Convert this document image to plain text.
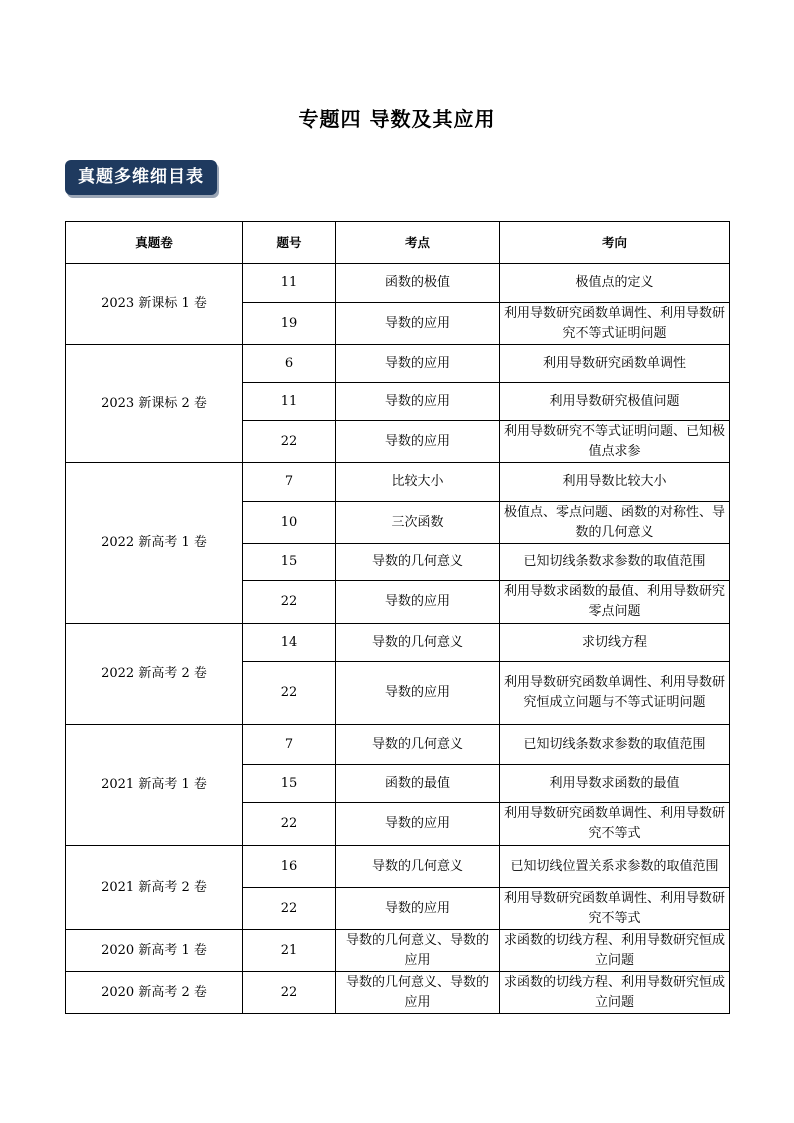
专题四 导数及其应用
真题多维细目表
真题卷	题号	考点	考向
2023 新课标 1 卷	11	函数的极值	极值点的定义
	19	导数的应用	利用导数研究函数单调性、利用导数研究不等式证明问题
2023 新课标 2 卷	6	导数的应用	利用导数研究函数单调性
	11	导数的应用	利用导数研究极值问题
	22	导数的应用	利用导数研究不等式证明问题、已知极值点求参
2022 新高考 1 卷	7	比较大小	利用导数比较大小
	10	三次函数	极值点、零点问题、函数的对称性、导数的几何意义
	15	导数的几何意义	已知切线条数求参数的取值范围
	22	导数的应用	利用导数求函数的最值、利用导数研究零点问题
2022 新高考 2 卷	14	导数的几何意义	求切线方程
	22	导数的应用	利用导数研究函数单调性、利用导数研究恒成立问题与不等式证明问题
2021 新高考 1 卷	7	导数的几何意义	已知切线条数求参数的取值范围
	15	函数的最值	利用导数求函数的最值
	22	导数的应用	利用导数研究函数单调性、利用导数研究不等式
2021 新高考 2 卷	16	导数的几何意义	已知切线位置关系求参数的取值范围
	22	导数的应用	利用导数研究函数单调性、利用导数研究不等式
2020 新高考 1 卷	21	导数的几何意义、导数的应用	求函数的切线方程、利用导数研究恒成立问题
2020 新高考 2 卷	22	导数的几何意义、导数的应用	求函数的切线方程、利用导数研究恒成立问题
